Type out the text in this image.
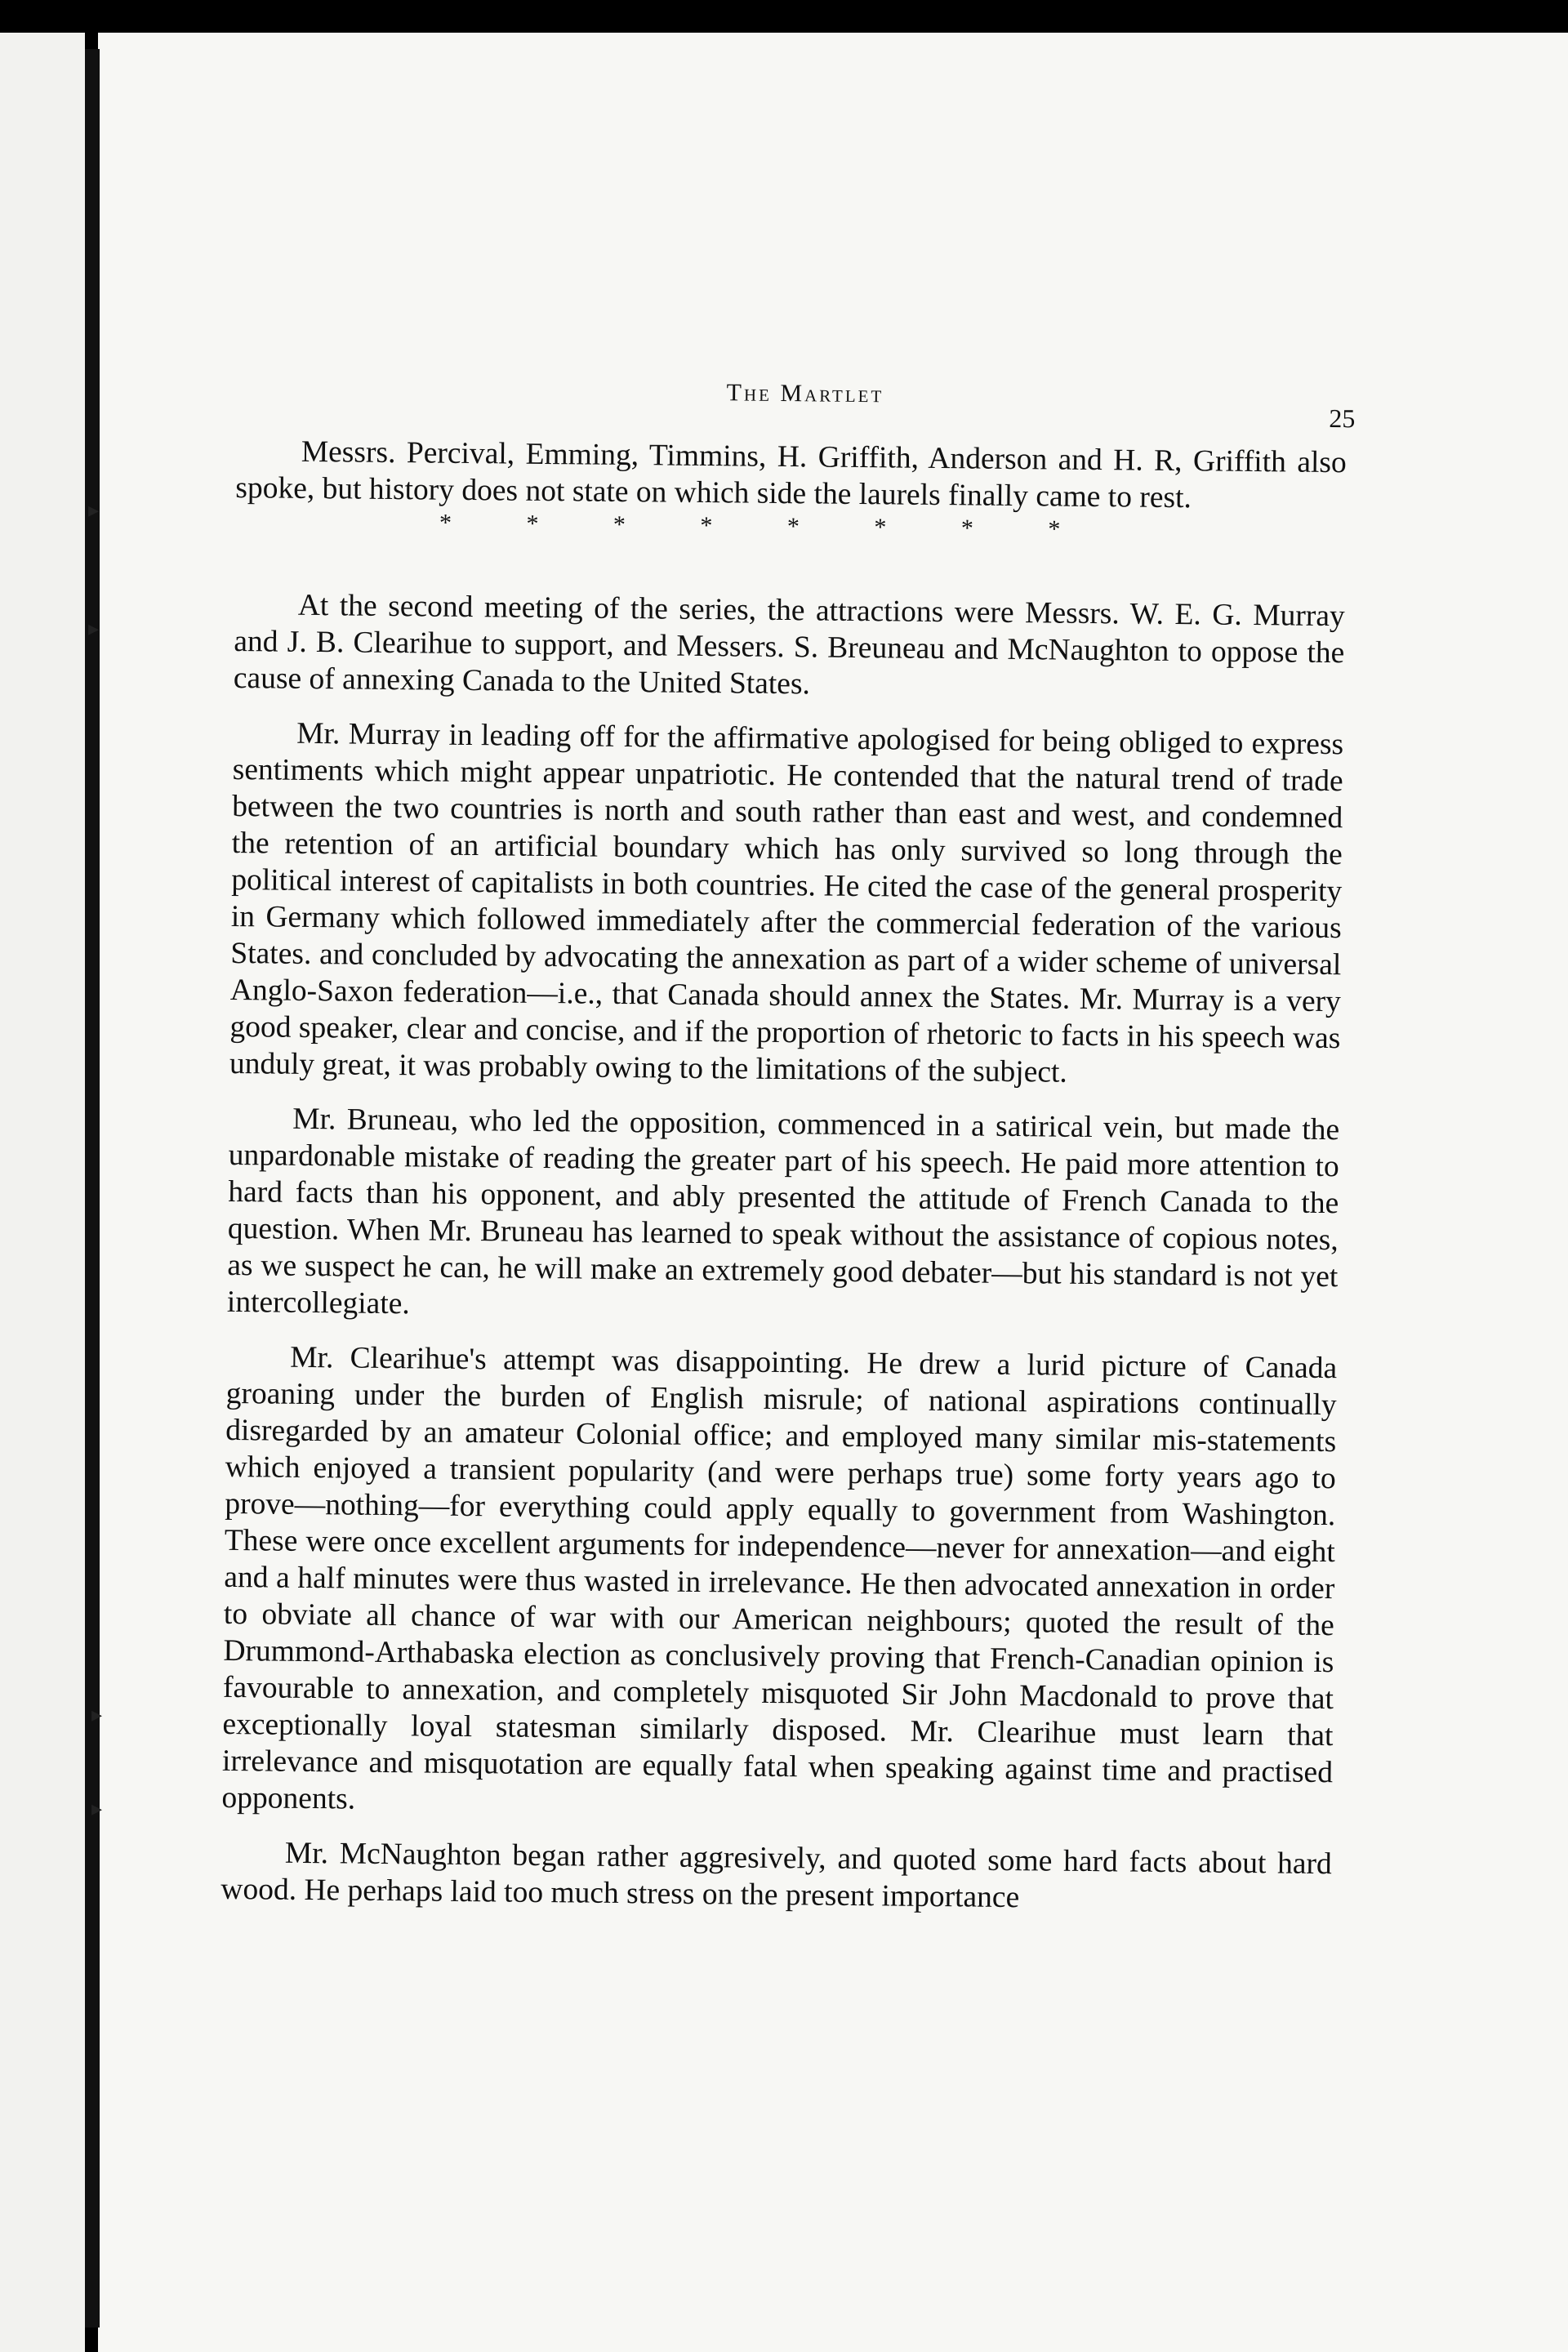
▸
▸
▸
▸
The Martlet
25

Messrs. Percival, Emming, Timmins, H. Griffith, Anderson and H. R, Griffith also spoke, but history does not state on which side the laurels finally came to rest.

* * * * * * * *

At the second meeting of the series, the attractions were Messrs. W. E. G. Murray and J. B. Clearihue to support, and Messers. S. Breuneau and McNaughton to oppose the cause of annexing Canada to the United States.

Mr. Murray in leading off for the affirmative apologised for being obliged to express sentiments which might appear unpatriotic. He contended that the natural trend of trade between the two countries is north and south rather than east and west, and condemned the retention of an artificial boundary which has only survived so long through the political interest of capitalists in both countries. He cited the case of the general prosperity in Germany which followed immediately after the commercial federation of the various States. and concluded by advocating the annexation as part of a wider scheme of universal Anglo-Saxon federation—i.e., that Canada should annex the States. Mr. Murray is a very good speaker, clear and concise, and if the proportion of rhetoric to facts in his speech was unduly great, it was probably owing to the limitations of the subject.

Mr. Bruneau, who led the opposition, commenced in a satirical vein, but made the unpardonable mistake of reading the greater part of his speech. He paid more attention to hard facts than his opponent, and ably presented the attitude of French Canada to the question. When Mr. Bruneau has learned to speak without the assistance of copious notes, as we suspect he can, he will make an extremely good debater—but his standard is not yet intercollegiate.

Mr. Clearihue's attempt was disappointing. He drew a lurid picture of Canada groaning under the burden of English misrule; of national aspirations continually disregarded by an amateur Colonial office; and employed many similar mis-statements which enjoyed a transient popularity (and were perhaps true) some forty years ago to prove—nothing—for everything could apply equally to government from Washington. These were once excellent arguments for independence—never for annexation—and eight and a half minutes were thus wasted in irrelevance. He then advocated annexation in order to obviate all chance of war with our American neighbours; quoted the result of the Drummond-Arthabaska election as conclusively proving that French-Canadian opinion is favourable to annexation, and completely misquoted Sir John Macdonald to prove that exceptionally loyal statesman similarly disposed. Mr. Clearihue must learn that irrelevance and misquotation are equally fatal when speaking against time and practised opponents.

Mr. McNaughton began rather aggresively, and quoted some hard facts about hard wood. He perhaps laid too much stress on the present importance
